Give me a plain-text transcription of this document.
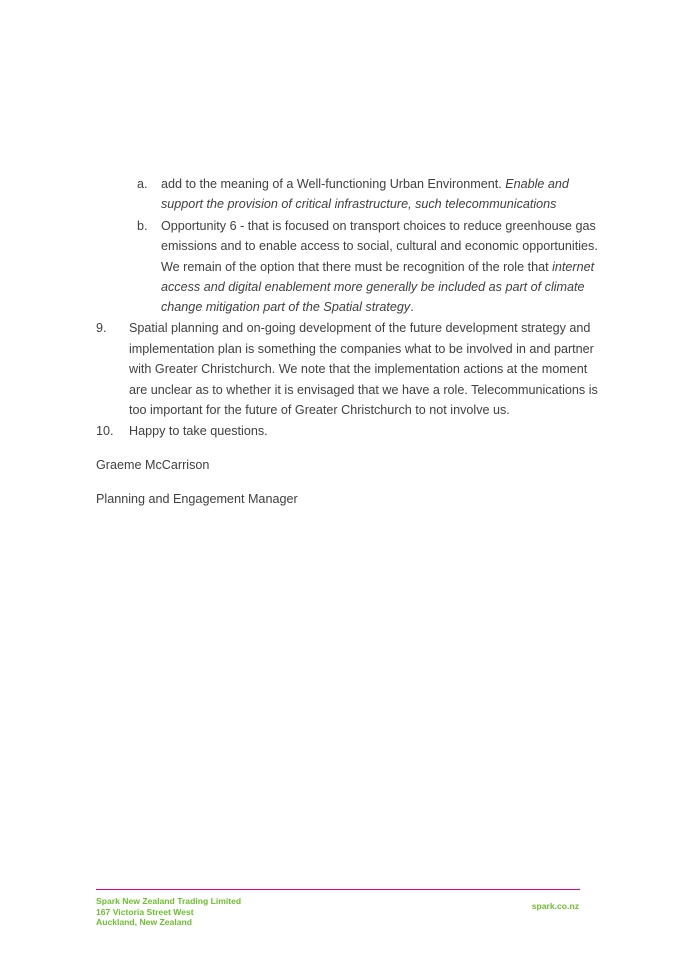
a. add to the meaning of a Well-functioning Urban Environment. Enable and
support the provision of critical infrastructure, such telecommunications
b. Opportunity 6 - that is focused on transport choices to reduce greenhouse gas
emissions and to enable access to social, cultural and economic opportunities.
We remain of the option that there must be recognition of the role that internet
access and digital enablement more generally be included as part of climate
change mitigation part of the Spatial strategy.
9. Spatial planning and on-going development of the future development strategy and
implementation plan is something the companies what to be involved in and partner
with Greater Christchurch. We note that the implementation actions at the moment
are unclear as to whether it is envisaged that we have a role. Telecommunications is
too important for the future of Greater Christchurch to not involve us.
10. Happy to take questions.
Graeme McCarrison
Planning and Engagement Manager
Spark New Zealand Trading Limited
167 Victoria Street West
Auckland, New Zealand
spark.co.nz
